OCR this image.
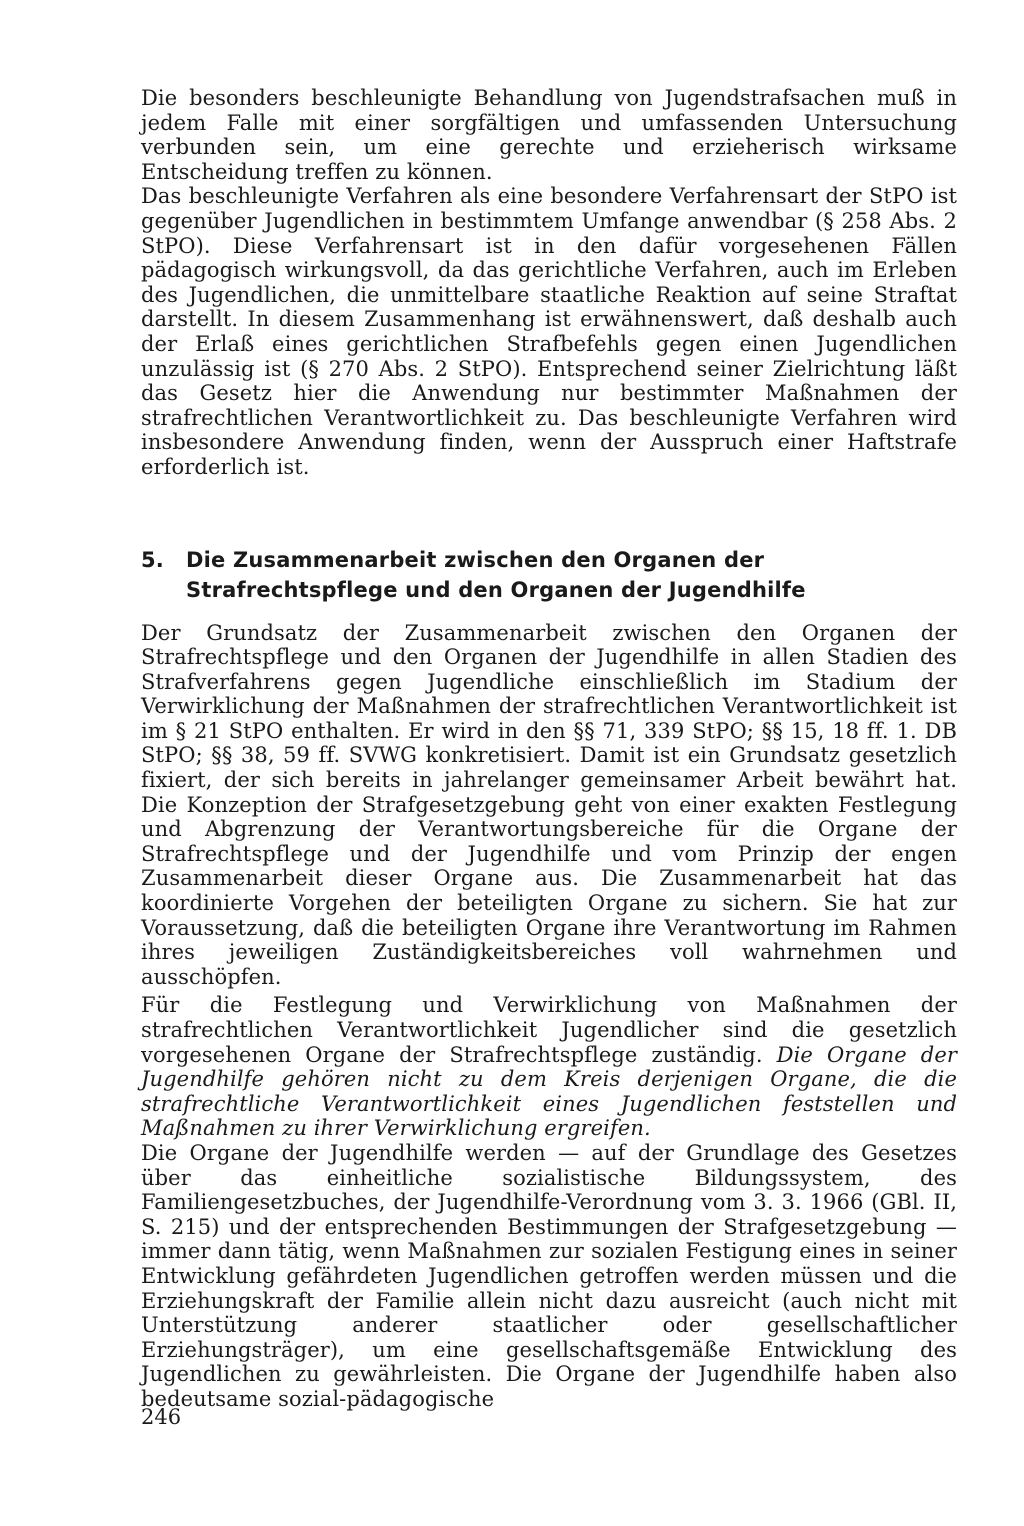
Die besonders beschleunigte Behandlung von Jugendstrafsachen muß in jedem Falle mit einer sorgfältigen und umfassenden Untersuchung verbunden sein, um eine gerechte und erzieherisch wirksame Entscheidung treffen zu können.

Das beschleunigte Verfahren als eine besondere Verfahrensart der StPO ist gegenüber Jugendlichen in bestimmtem Umfange anwendbar (§ 258 Abs. 2 StPO). Diese Verfahrensart ist in den dafür vorgesehenen Fällen pädagogisch wirkungsvoll, da das gerichtliche Verfahren, auch im Erleben des Jugendlichen, die unmittelbare staatliche Reaktion auf seine Straftat darstellt. In diesem Zusammenhang ist erwähnenswert, daß deshalb auch der Erlaß eines gerichtlichen Strafbefehls gegen einen Jugendlichen unzulässig ist (§ 270 Abs. 2 StPO). Entsprechend seiner Zielrichtung läßt das Gesetz hier die Anwendung nur bestimmter Maßnahmen der strafrechtlichen Verantwortlichkeit zu. Das beschleunigte Verfahren wird insbesondere Anwendung finden, wenn der Ausspruch einer Haftstrafe erforderlich ist.

5.	Die Zusammenarbeit zwischen den Organen der Strafrechtspflege und den Organen der Jugendhilfe

Der Grundsatz der Zusammenarbeit zwischen den Organen der Strafrechtspflege und den Organen der Jugendhilfe in allen Stadien des Strafverfahrens gegen Jugendliche einschließlich im Stadium der Verwirklichung der Maßnahmen der strafrechtlichen Verantwortlichkeit ist im § 21 StPO enthalten. Er wird in den §§ 71, 339 StPO; §§ 15, 18 ff. 1. DB StPO; §§ 38, 59 ff. SVWG konkretisiert. Damit ist ein Grundsatz gesetzlich fixiert, der sich bereits in jahrelanger gemeinsamer Arbeit bewährt hat. Die Konzeption der Strafgesetzgebung geht von einer exakten Festlegung und Abgrenzung der Verantwortungsbereiche für die Organe der Strafrechtspflege und der Jugendhilfe und vom Prinzip der engen Zusammenarbeit dieser Organe aus. Die Zusammenarbeit hat das koordinierte Vorgehen der beteiligten Organe zu sichern. Sie hat zur Voraussetzung, daß die beteiligten Organe ihre Verantwortung im Rahmen ihres jeweiligen Zuständigkeitsbereiches voll wahrnehmen und ausschöpfen.

Für die Festlegung und Verwirklichung von Maßnahmen der strafrechtlichen Verantwortlichkeit Jugendlicher sind die gesetzlich vorgesehenen Organe der Strafrechtspflege zuständig. Die Organe der Jugendhilfe gehören nicht zu dem Kreis derjenigen Organe, die die strafrechtliche Verantwortlichkeit eines Jugendlichen feststellen und Maßnahmen zu ihrer Verwirklichung ergreifen.

Die Organe der Jugendhilfe werden — auf der Grundlage des Gesetzes über das einheitliche sozialistische Bildungssystem, des Familiengesetzbuches, der Jugendhilfe-Verordnung vom 3. 3. 1966 (GBl. II, S. 215) und der entsprechenden Bestimmungen der Strafgesetzgebung — immer dann tätig, wenn Maßnahmen zur sozialen Festigung eines in seiner Entwicklung gefährdeten Jugendlichen getroffen werden müssen und die Erziehungskraft der Familie allein nicht dazu ausreicht (auch nicht mit Unterstützung anderer staatlicher oder gesellschaftlicher Erziehungsträger), um eine gesellschaftsgemäße Entwicklung des Jugendlichen zu gewährleisten. Die Organe der Jugendhilfe haben also bedeutsame sozial-pädagogische

246
